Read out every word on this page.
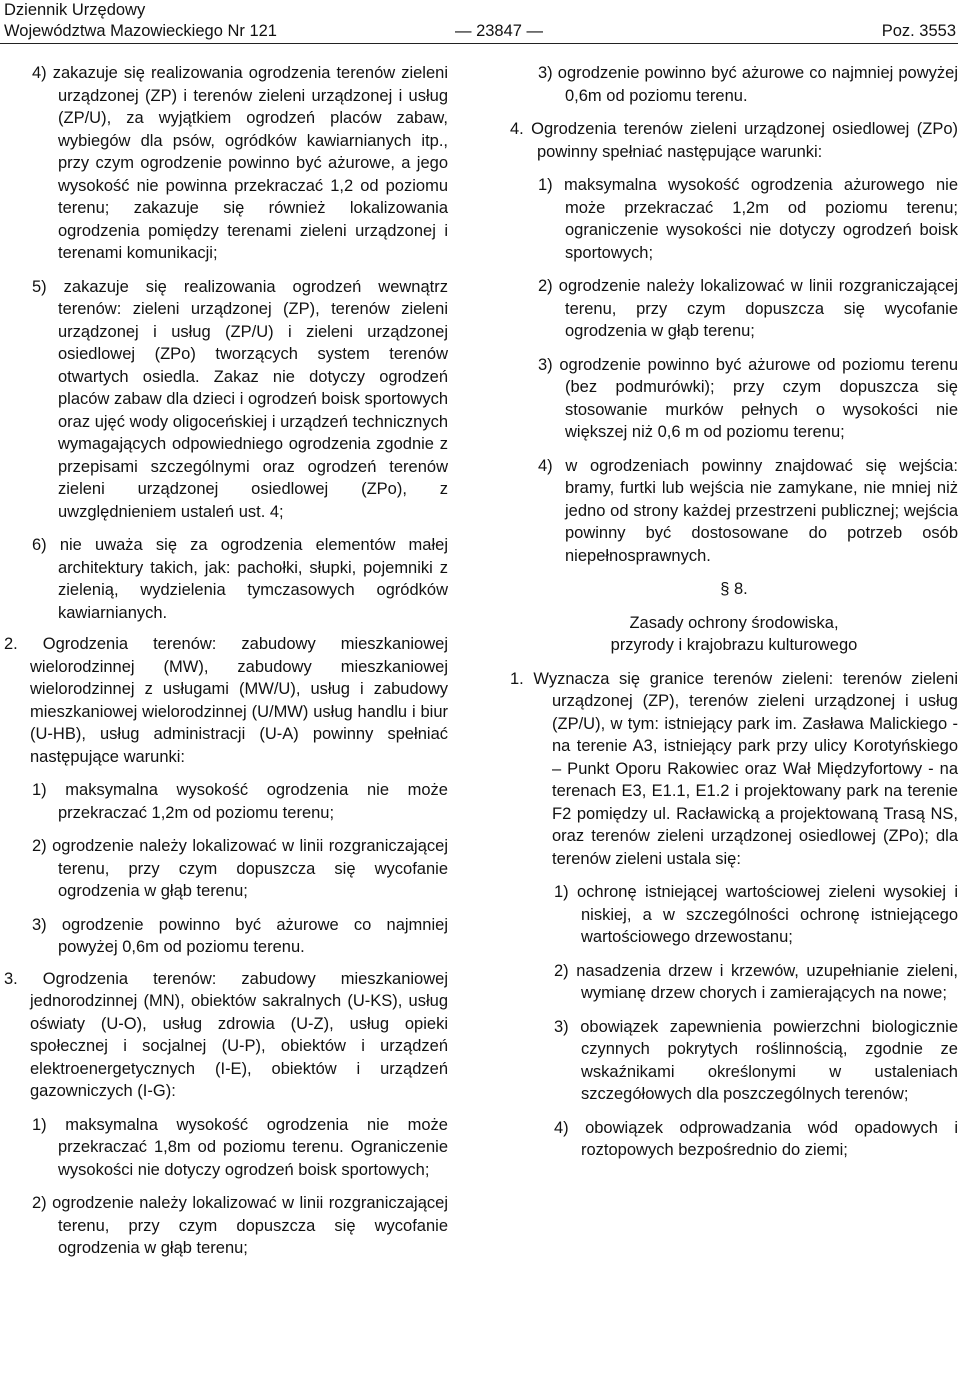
Dziennik Urzędowy
Województwa Mazowieckiego Nr 121	— 23847 —	Poz. 3553

4) zakazuje się realizowania ogrodzenia terenów zieleni urządzonej (ZP) i terenów zieleni urządzonej i usług (ZP/U), za wyjątkiem ogrodzeń placów zabaw, wybiegów dla psów, ogródków kawiarnianych itp., przy czym ogrodzenie powinno być ażurowe, a jego wysokość nie powinna przekraczać 1,2 od poziomu terenu; zakazuje się również lokalizowania ogrodzenia pomiędzy terenami zieleni urządzonej i terenami komunikacji;

5) zakazuje się realizowania ogrodzeń wewnątrz terenów: zieleni urządzonej (ZP), terenów zieleni urządzonej i usług (ZP/U) i zieleni urządzonej osiedlowej (ZPo) tworzących system terenów otwartych osiedla. Zakaz nie dotyczy ogrodzeń placów zabaw dla dzieci i ogrodzeń boisk sportowych oraz ujęć wody oligoceńskiej i urządzeń technicznych wymagających odpowiedniego ogrodzenia zgodnie z przepisami szczególnymi oraz ogrodzeń terenów zieleni urządzonej osiedlowej (ZPo), z uwzględnieniem ustaleń ust. 4;

6) nie uważa się za ogrodzenia elementów małej architektury takich, jak: pachołki, słupki, pojemniki z zielenią, wydzielenia tymczasowych ogródków kawiarnianych.

2. Ogrodzenia terenów: zabudowy mieszkaniowej wielorodzinnej (MW), zabudowy mieszkaniowej wielorodzinnej z usługami (MW/U), usług i zabudowy mieszkaniowej wielorodzinnej (U/MW) usług handlu i biur (U-HB), usług administracji (U-A) powinny spełniać następujące warunki:

1) maksymalna wysokość ogrodzenia nie może przekraczać 1,2m od poziomu terenu;

2) ogrodzenie należy lokalizować w linii rozgraniczającej terenu, przy czym dopuszcza się wycofanie ogrodzenia w głąb terenu;

3) ogrodzenie powinno być ażurowe co najmniej powyżej 0,6m od poziomu terenu.

3. Ogrodzenia terenów: zabudowy mieszkaniowej jednorodzinnej (MN), obiektów sakralnych (U-KS), usług oświaty (U-O), usług zdrowia (U-Z), usług opieki społecznej i socjalnej (U-P), obiektów i urządzeń elektroenergetycznych (I-E), obiektów i urządzeń gazowniczych (I-G):

1) maksymalna wysokość ogrodzenia nie może przekraczać 1,8m od poziomu terenu. Ograniczenie wysokości nie dotyczy ogrodzeń boisk sportowych;

2) ogrodzenie należy lokalizować w linii rozgraniczającej terenu, przy czym dopuszcza się wycofanie ogrodzenia w głąb terenu;

3) ogrodzenie powinno być ażurowe co najmniej powyżej 0,6m od poziomu terenu.

4. Ogrodzenia terenów zieleni urządzonej osiedlowej (ZPo) powinny spełniać następujące warunki:

1) maksymalna wysokość ogrodzenia ażurowego nie może przekraczać 1,2m od poziomu terenu; ograniczenie wysokości nie dotyczy ogrodzeń boisk sportowych;

2) ogrodzenie należy lokalizować w linii rozgraniczającej terenu, przy czym dopuszcza się wycofanie ogrodzenia w głąb terenu;

3) ogrodzenie powinno być ażurowe od poziomu terenu (bez podmurówki); przy czym dopuszcza się stosowanie murków pełnych o wysokości nie większej niż 0,6 m od poziomu terenu;

4) w ogrodzeniach powinny znajdować się wejścia: bramy, furtki lub wejścia nie zamykane, nie mniej niż jedno od strony każdej przestrzeni publicznej; wejścia powinny być dostosowane do potrzeb osób niepełnosprawnych.

§ 8.

Zasady ochrony środowiska,

przyrody i krajobrazu kulturowego

1. Wyznacza się granice terenów zieleni: terenów zieleni urządzonej (ZP), terenów zieleni urządzonej i usług (ZP/U), w tym: istniejący park im. Zasława Malickiego - na terenie A3, istniejący park przy ulicy Korotyńskiego – Punkt Oporu Rakowiec oraz Wał Międzyfortowy - na terenach E3, E1.1, E1.2 i projektowany park na terenie F2 pomiędzy ul. Racławicką a projektowaną Trasą NS, oraz terenów zieleni urządzonej osiedlowej (ZPo); dla terenów zieleni ustala się:

1) ochronę istniejącej wartościowej zieleni wysokiej i niskiej, a w szczególności ochronę istniejącego wartościowego drzewostanu;

2) nasadzenia drzew i krzewów, uzupełnianie zieleni, wymianę drzew chorych i zamierających na nowe;

3) obowiązek zapewnienia powierzchni biologicznie czynnych pokrytych roślinnością, zgodnie ze wskaźnikami określonymi w ustaleniach szczegółowych dla poszczególnych terenów;

4) obowiązek odprowadzania wód opadowych i roztopowych bezpośrednio do ziemi;
